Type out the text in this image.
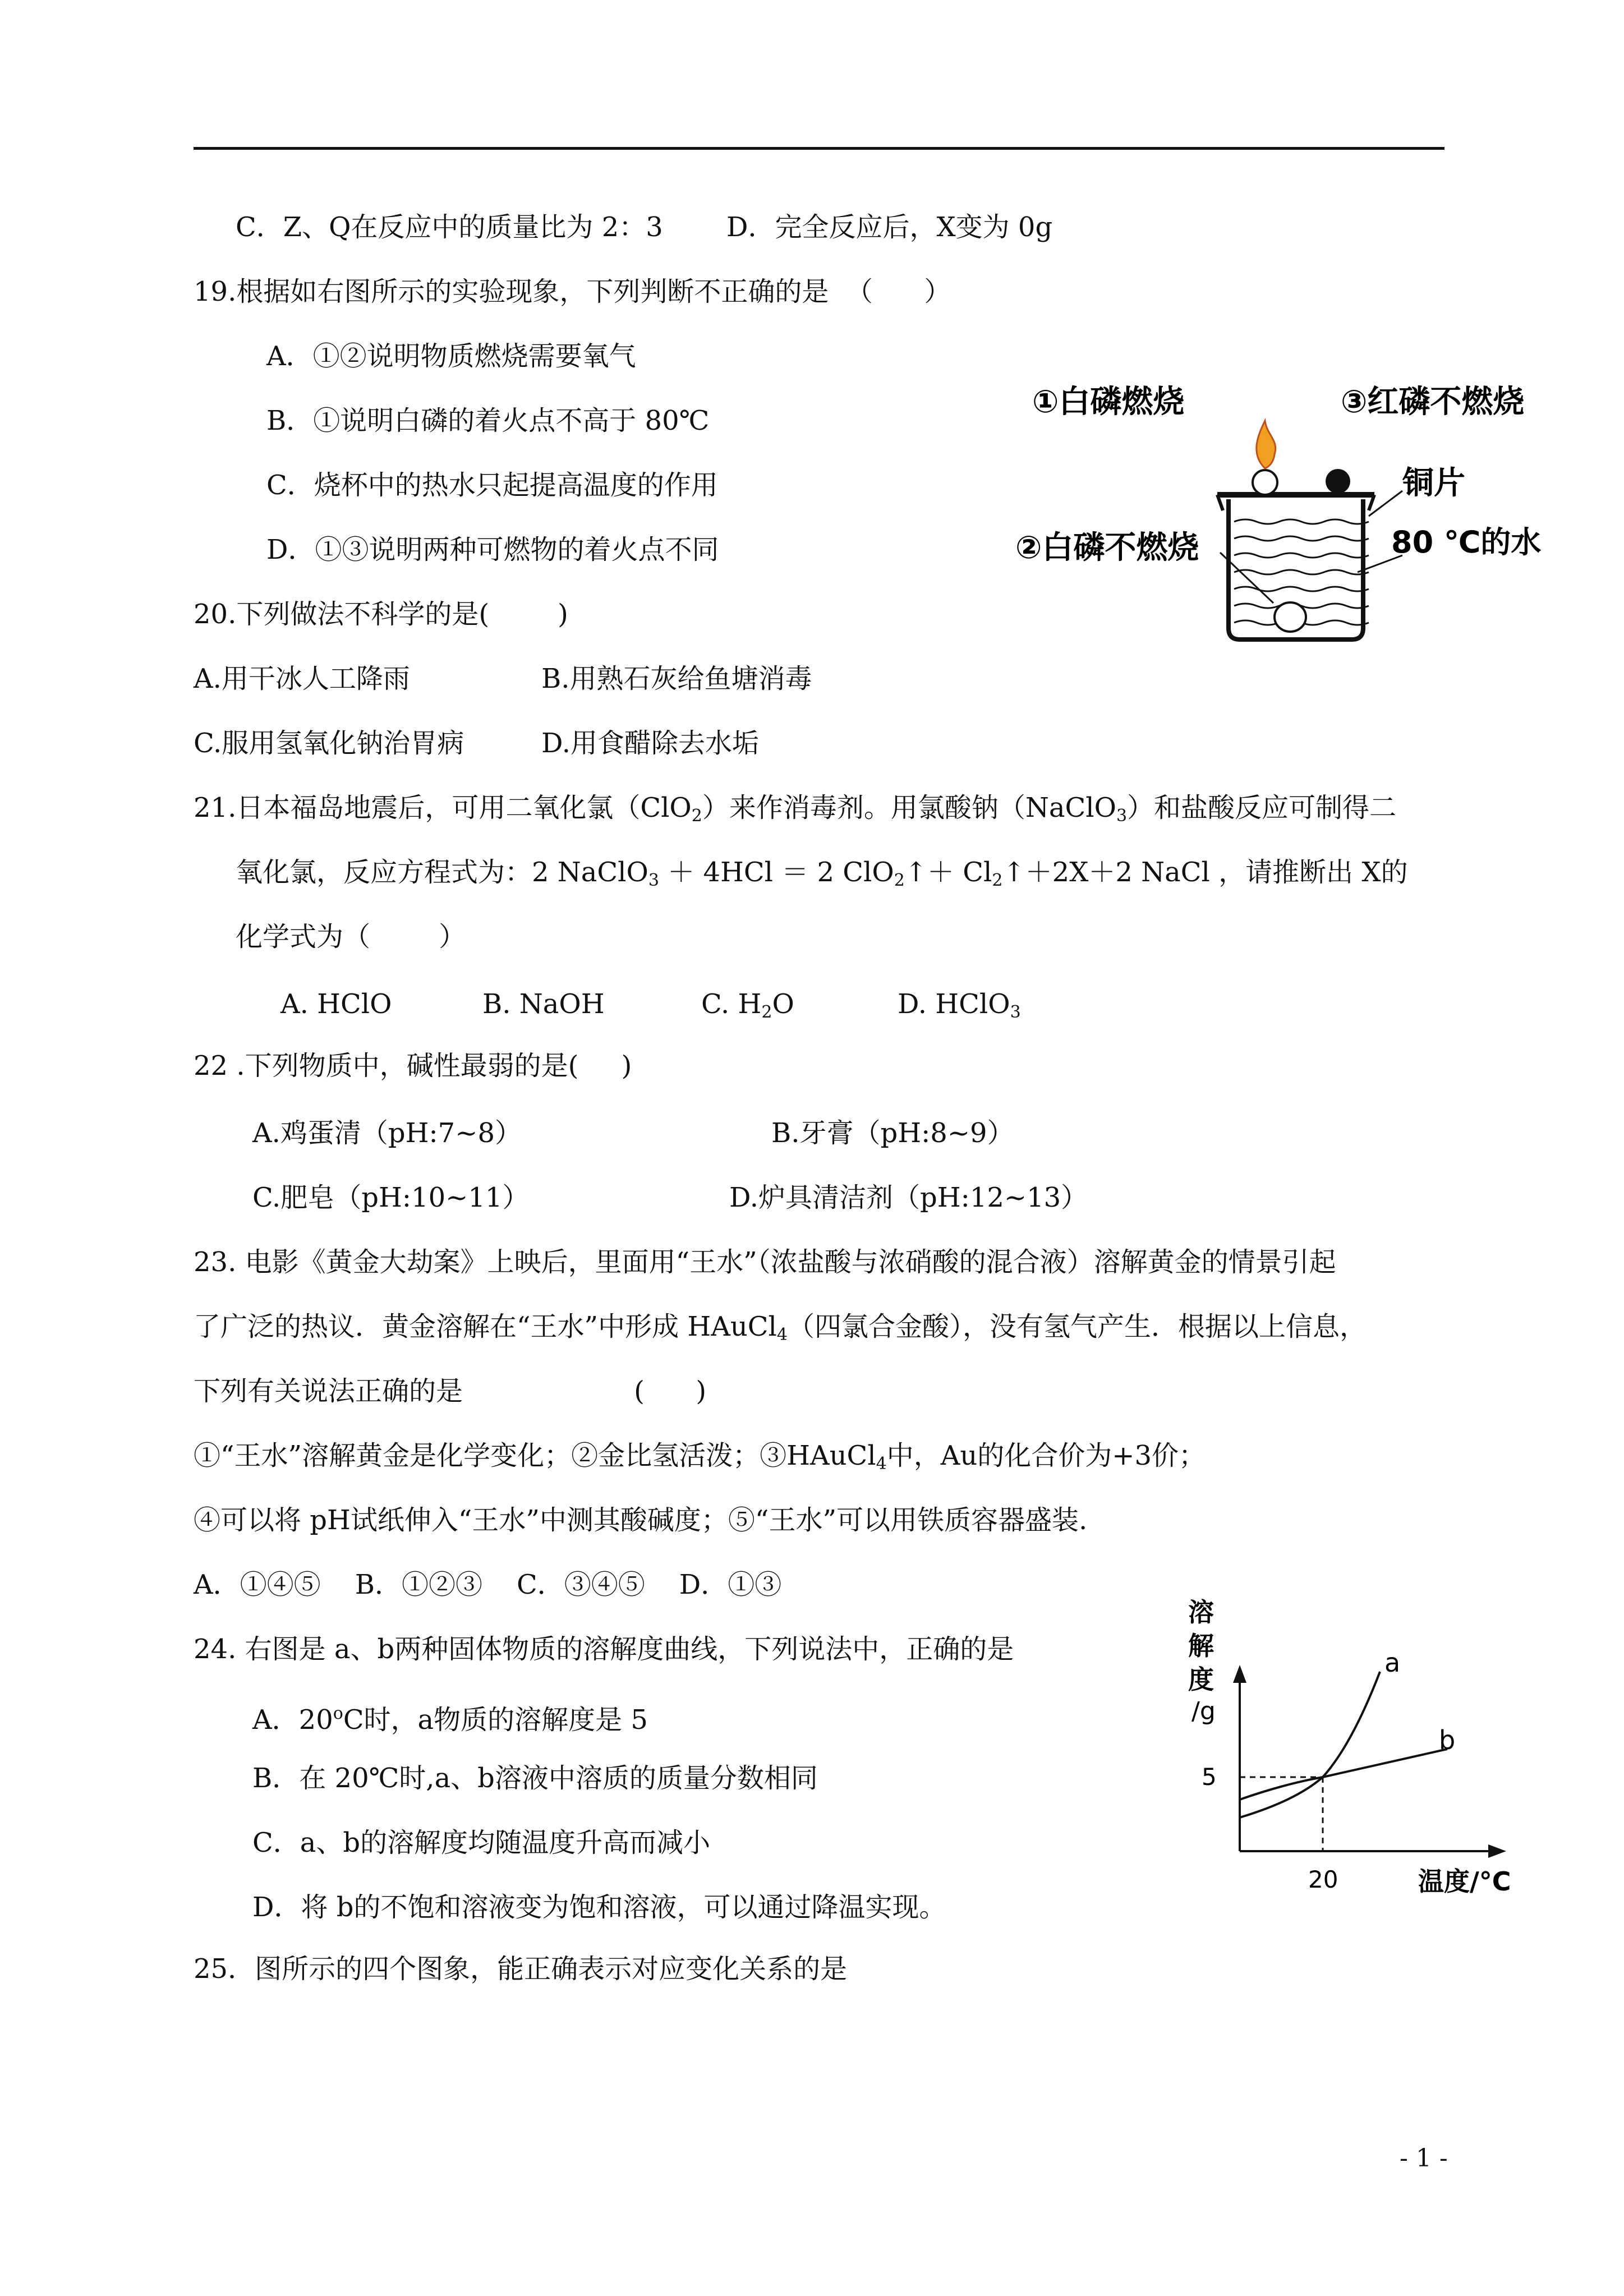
C．Z、Q在反应中的质量比为 2：3 D．完全反应后，X变为 0g
19.根据如右图所示的实验现象，下列判断不正确的是  （      ）
A．①②说明物质燃烧需要氧气
B．①说明白磷的着火点不高于 80℃
C．烧杯中的热水只起提高温度的作用
D．①③说明两种可燃物的着火点不同
①白磷燃烧	③红磷不燃烧
铜片
②白磷不燃烧	80 ℃的水
20.下列做法不科学的是(        )
A.用干冰人工降雨	B.用熟石灰给鱼塘消毒
C.服用氢氧化钠治胃病	D.用食醋除去水垢
21.日本福岛地震后，可用二氧化氯（ClO$_2$）来作消毒剂。用氯酸钠（NaClO$_3$）和盐酸反应可制得二
氧化氯，反应方程式为：2 NaClO$_3$ ＋ 4HCl ＝ 2 ClO$_2$↑＋ $Cl_2↑+2X+2$ NaCl ，请推断出 X的
化学式为（        ）
A. HClO	B. NaOH	C. $H_2O$	D. HClO$_3$
22 .下列物质中，碱性最弱的是(     )
A.鸡蛋清（pH:7~8）	B.牙膏（pH:8~9）
C.肥皂（pH:10~11）	D.炉具清洁剂（pH:12~13）
23. 电影《黄金大劫案》上映后，里面用“王水”（浓盐酸与浓硝酸的混合液）溶解黄金的情景引起
了广泛的热议．黄金溶解在“王水”中形成 HAuCl$_4$（四氯合金酸），没有氢气产生．根据以上信息，
下列有关说法正确的是                    (      )
①“王水”溶解黄金是化学变化；②金比氢活泼；③HAuCl$_4$中，Au的化合价为+3价；
④可以将 pH试纸伸入“王水”中测其酸碱度；⑤“王水”可以用铁质容器盛装.
A．①④⑤    B．①②③    C．③④⑤    D．①③
24. 右图是 a、b两种固体物质的溶解度曲线，下列说法中，正确的是
A．20$^o$C时，a物质的溶解度是 5
B．在 20℃时,a、b溶液中溶质的质量分数相同
C．a、b的溶解度均随温度升高而减小
D．将 b的不饱和溶液变为饱和溶液，可以通过降温实现。
溶
解
度
/g
5
20	温度/°C
a
b
25．图所示的四个图象，能正确表示对应变化关系的是
- 1 -
